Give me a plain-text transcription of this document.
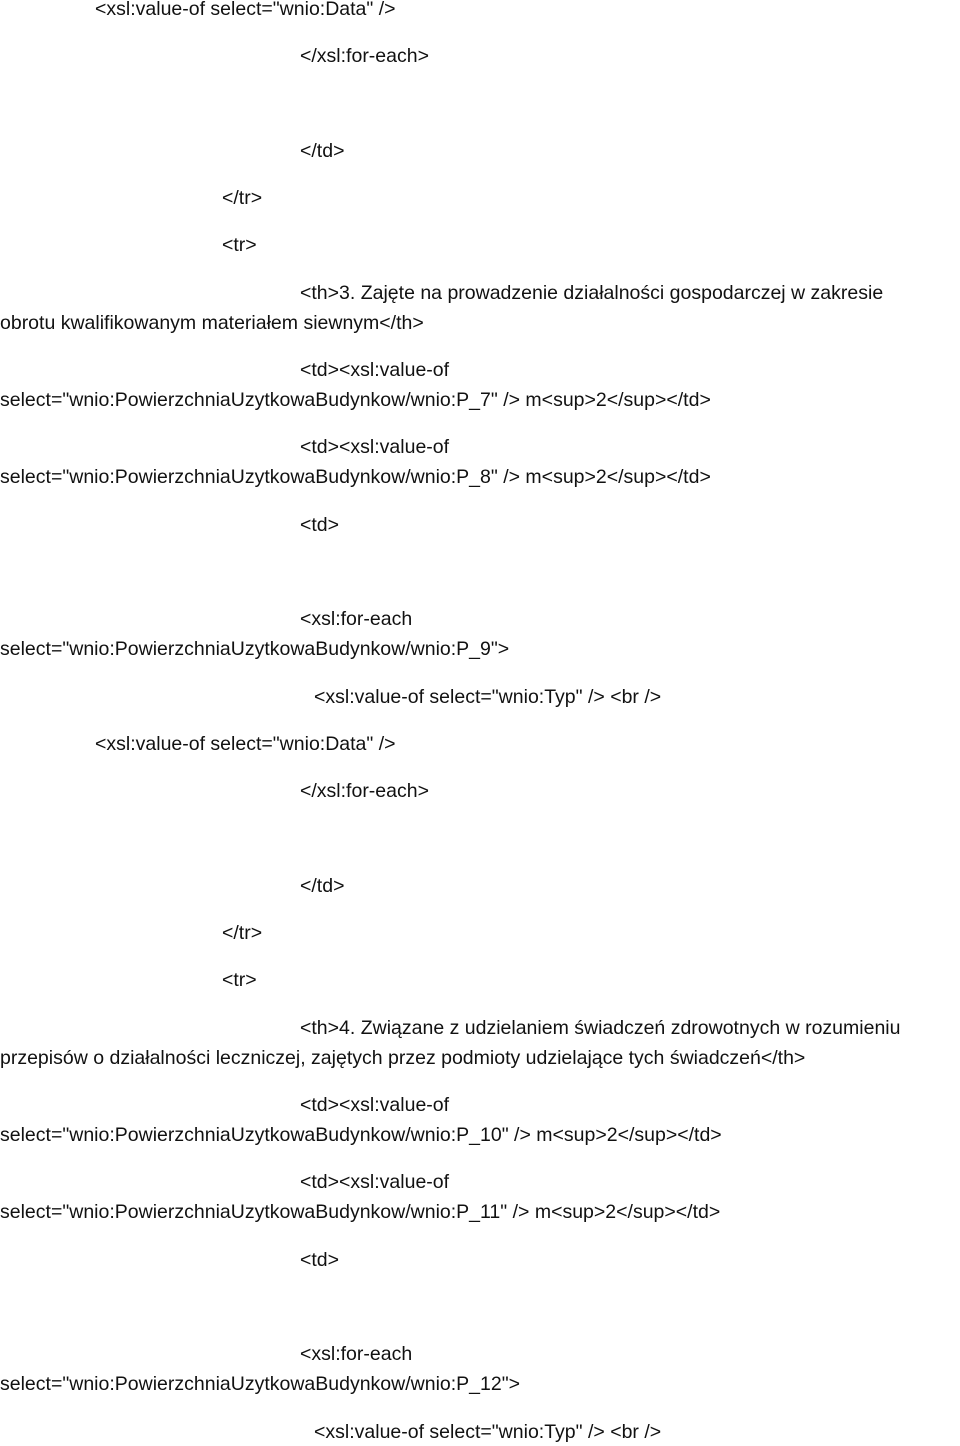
<xsl:value-of select="wnio:Data" />
</xsl:for-each>
</td>
</tr>
<tr>
<th>3. Zajęte na prowadzenie działalności gospodarczej w zakresie
obrotu kwalifikowanym materiałem siewnym</th>
<td><xsl:value-of
select="wnio:PowierzchniaUzytkowaBudynkow/wnio:P_7" /> m<sup>2</sup></td>
<td><xsl:value-of
select="wnio:PowierzchniaUzytkowaBudynkow/wnio:P_8" /> m<sup>2</sup></td>
<td>
<xsl:for-each
select="wnio:PowierzchniaUzytkowaBudynkow/wnio:P_9">
<xsl:value-of select="wnio:Typ" /> <br />
<xsl:value-of select="wnio:Data" />
</xsl:for-each>
</td>
</tr>
<tr>
<th>4. Związane z udzielaniem świadczeń zdrowotnych w rozumieniu
przepisów o działalności leczniczej, zajętych przez podmioty udzielające tych świadczeń</th>
<td><xsl:value-of
select="wnio:PowierzchniaUzytkowaBudynkow/wnio:P_10" /> m<sup>2</sup></td>
<td><xsl:value-of
select="wnio:PowierzchniaUzytkowaBudynkow/wnio:P_11" /> m<sup>2</sup></td>
<td>
<xsl:for-each
select="wnio:PowierzchniaUzytkowaBudynkow/wnio:P_12">
<xsl:value-of select="wnio:Typ" /> <br />
